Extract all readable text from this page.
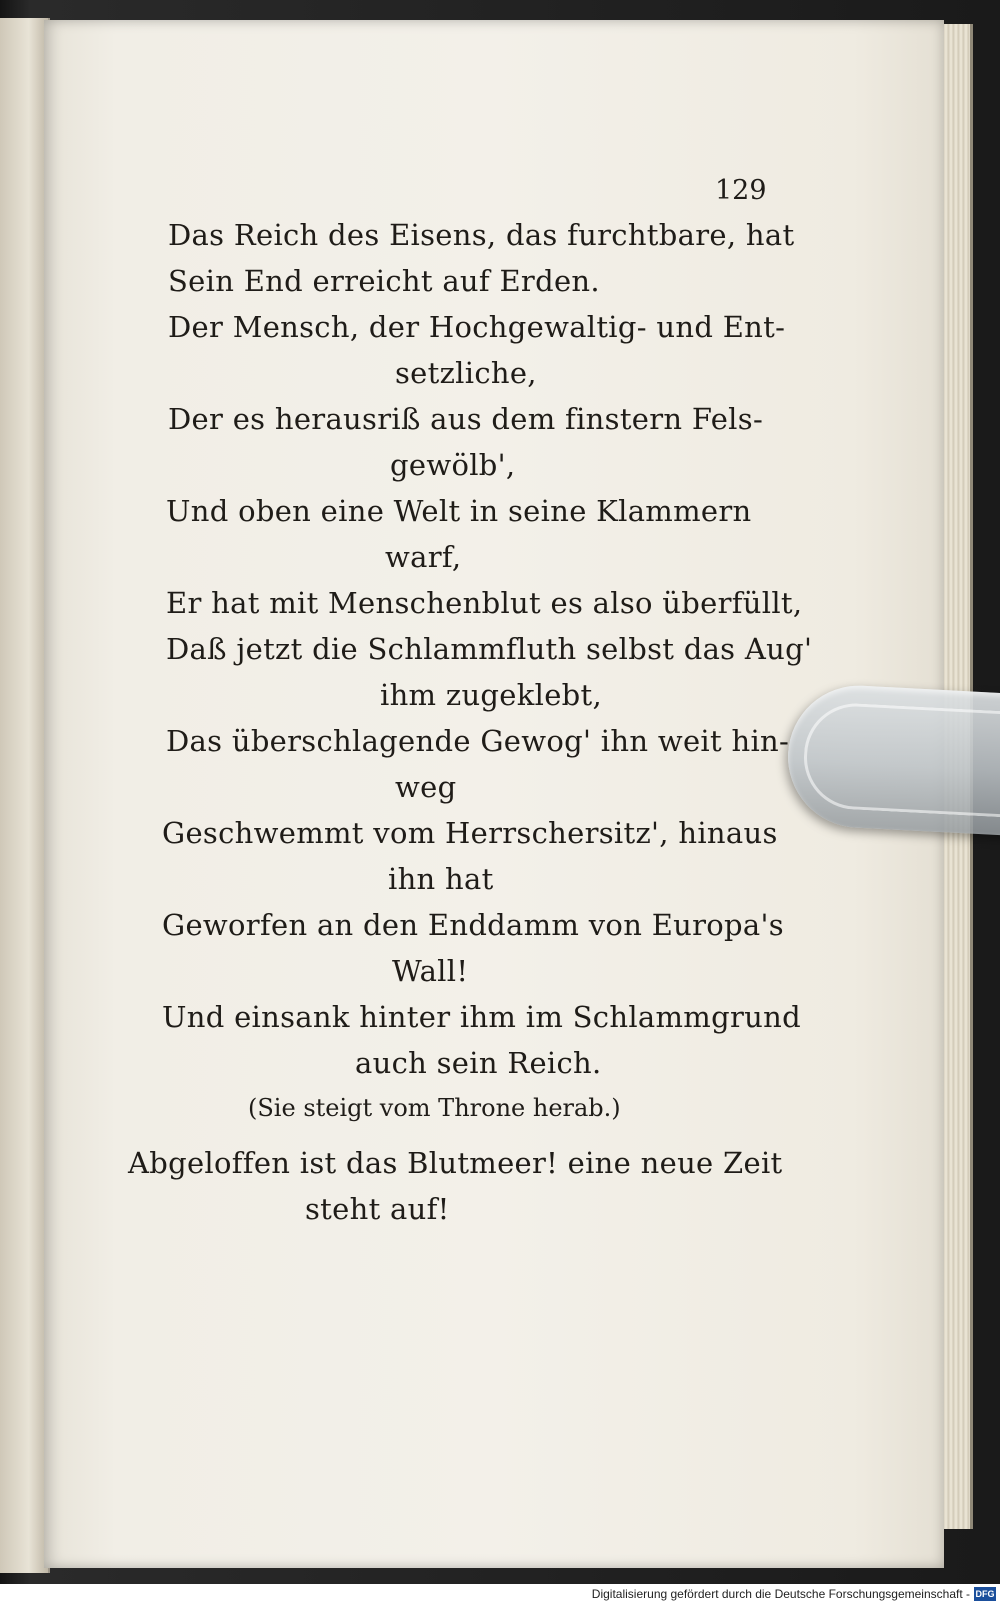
129
Das Reich des Eisens, das furchtbare, hat
Sein End erreicht auf Erden.
Der Mensch, der Hochgewaltig- und Ent-
setzliche,
Der es herausriß aus dem finstern Fels-
gewölb',
Und oben eine Welt in seine Klammern
warf,
Er hat mit Menschenblut es also überfüllt,
Daß jetzt die Schlammfluth selbst das Aug'
ihm zugeklebt,
Das überschlagende Gewog' ihn weit hin-
weg
Geschwemmt vom Herrschersitz', hinaus
ihn hat
Geworfen an den Enddamm von Europa's
Wall!
Und einsank hinter ihm im Schlammgrund
auch sein Reich.
(Sie steigt vom Throne herab.)
Abgeloffen ist das Blutmeer! eine neue Zeit
steht auf!
Digitalisierung gefördert durch die Deutsche Forschungsgemeinschaft - DFG
